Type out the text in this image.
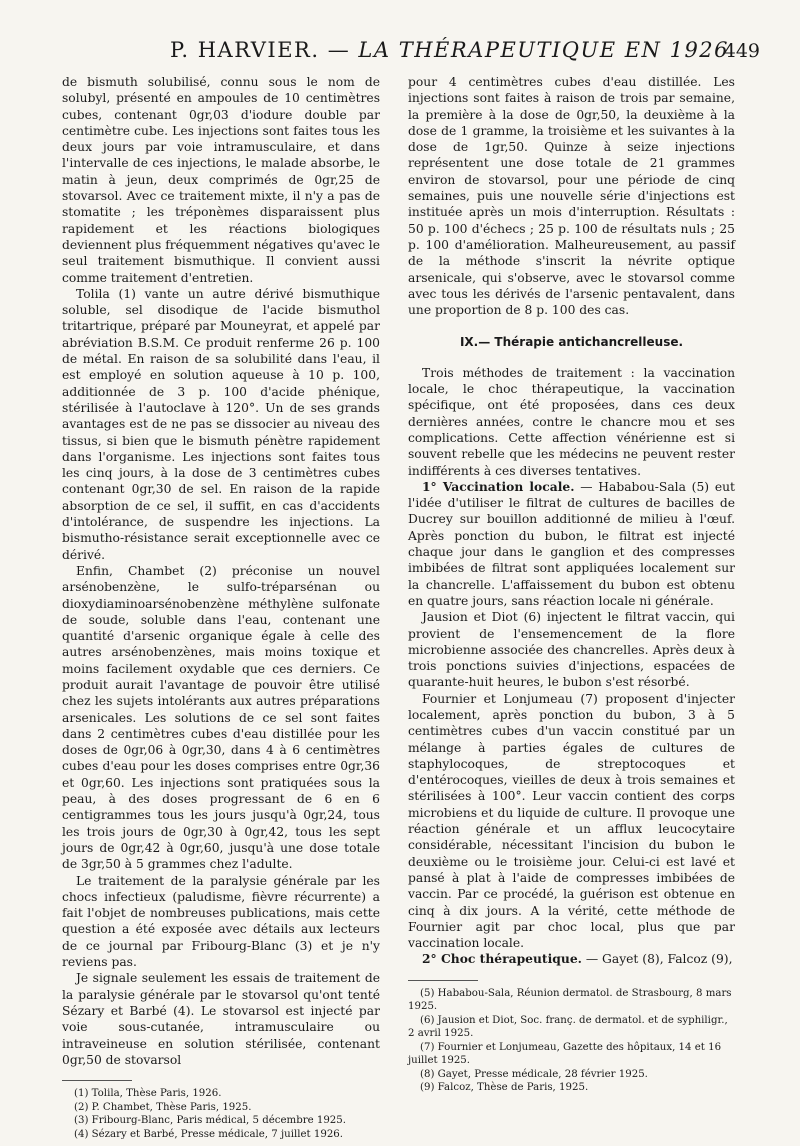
P. HARVIER. — LA THÉRAPEUTIQUE EN 1926
449

de bismuth solubilisé, connu sous le nom de solubyl, présenté en ampoules de 10 centimètres cubes, contenant 0gr,03 d'iodure double par centimètre cube. Les injections sont faites tous les deux jours par voie intramusculaire, et dans l'intervalle de ces injections, le malade absorbe, le matin à jeun, deux comprimés de 0gr,25 de stovarsol. Avec ce traitement mixte, il n'y a pas de stomatite ; les tréponèmes disparaissent plus rapidement et les réactions biologiques deviennent plus fréquemment négatives qu'avec le seul traitement bismuthique. Il convient aussi comme traitement d'entretien.

Tolila (1) vante un autre dérivé bismuthique soluble, sel disodique de l'acide bismuthol tritartrique, préparé par Mouneyrat, et appelé par abréviation B.S.M. Ce produit renferme 26 p. 100 de métal. En raison de sa solubilité dans l'eau, il est employé en solution aqueuse à 10 p. 100, additionnée de 3 p. 100 d'acide phénique, stérilisée à l'autoclave à 120°. Un de ses grands avantages est de ne pas se dissocier au niveau des tissus, si bien que le bismuth pénètre rapidement dans l'organisme. Les injections sont faites tous les cinq jours, à la dose de 3 centimètres cubes contenant 0gr,30 de sel. En raison de la rapide absorption de ce sel, il suffit, en cas d'accidents d'intolérance, de suspendre les injections. La bismutho-résistance serait exceptionnelle avec ce dérivé.

Enfin, Chambet (2) préconise un nouvel arsénobenzène, le sulfo-tréparsénan ou dioxydiaminoarsénobenzène méthylène sulfonate de soude, soluble dans l'eau, contenant une quantité d'arsenic organique égale à celle des autres arsénobenzènes, mais moins toxique et moins facilement oxydable que ces derniers. Ce produit aurait l'avantage de pouvoir être utilisé chez les sujets intolérants aux autres préparations arsenicales. Les solutions de ce sel sont faites dans 2 centimètres cubes d'eau distillée pour les doses de 0gr,06 à 0gr,30, dans 4 à 6 centimètres cubes d'eau pour les doses comprises entre 0gr,36 et 0gr,60. Les injections sont pratiquées sous la peau, à des doses progressant de 6 en 6 centigrammes tous les jours jusqu'à 0gr,24, tous les trois jours de 0gr,30 à 0gr,42, tous les sept jours de 0gr,42 à 0gr,60, jusqu'à une dose totale de 3gr,50 à 5 grammes chez l'adulte.

Le traitement de la paralysie générale par les chocs infectieux (paludisme, fièvre récurrente) a fait l'objet de nombreuses publications, mais cette question a été exposée avec détails aux lecteurs de ce journal par Fribourg-Blanc (3) et je n'y reviens pas.

Je signale seulement les essais de traitement de la paralysie générale par le stovarsol qu'ont tenté Sézary et Barbé (4). Le stovarsol est injecté par voie sous-cutanée, intramusculaire ou intraveineuse en solution stérilisée, contenant 0gr,50 de stovarsol

(1) Tolila, Thèse Paris, 1926.

(2) P. Chambet, Thèse Paris, 1925.

(3) Fribourg-Blanc, Paris médical, 5 décembre 1925.

(4) Sézary et Barbé, Presse médicale, 7 juillet 1926.

pour 4 centimètres cubes d'eau distillée. Les injections sont faites à raison de trois par semaine, la première à la dose de 0gr,50, la deuxième à la dose de 1 gramme, la troisième et les suivantes à la dose de 1gr,50. Quinze à seize injections représentent une dose totale de 21 grammes environ de stovarsol, pour une période de cinq semaines, puis une nouvelle série d'injections est instituée après un mois d'interruption. Résultats : 50 p. 100 d'échecs ; 25 p. 100 de résultats nuls ; 25 p. 100 d'amélioration. Malheureusement, au passif de la méthode s'inscrit la névrite optique arsenicale, qui s'observe, avec le stovarsol comme avec tous les dérivés de l'arsenic pentavalent, dans une proportion de 8 p. 100 des cas.

IX.— Thérapie antichancrelleuse.

Trois méthodes de traitement : la vaccination locale, le choc thérapeutique, la vaccination spécifique, ont été proposées, dans ces deux dernières années, contre le chancre mou et ses complications. Cette affection vénérienne est si souvent rebelle que les médecins ne peuvent rester indifférents à ces diverses tentatives.

1° Vaccination locale. — Hababou-Sala (5) eut l'idée d'utiliser le filtrat de cultures de bacilles de Ducrey sur bouillon additionné de milieu à l'œuf. Après ponction du bubon, le filtrat est injecté chaque jour dans le ganglion et des compresses imbibées de filtrat sont appliquées localement sur la chancrelle. L'affaissement du bubon est obtenu en quatre jours, sans réaction locale ni générale.

Jausion et Diot (6) injectent le filtrat vaccin, qui provient de l'ensemencement de la flore microbienne associée des chancrelles. Après deux à trois ponctions suivies d'injections, espacées de quarante-huit heures, le bubon s'est résorbé.

Fournier et Lonjumeau (7) proposent d'injecter localement, après ponction du bubon, 3 à 5 centimètres cubes d'un vaccin constitué par un mélange à parties égales de cultures de staphylocoques, de streptocoques et d'entérocoques, vieilles de deux à trois semaines et stérilisées à 100°. Leur vaccin contient des corps microbiens et du liquide de culture. Il provoque une réaction générale et un afflux leucocytaire considérable, nécessitant l'incision du bubon le deuxième ou le troisième jour. Celui-ci est lavé et pansé à plat à l'aide de compresses imbibées de vaccin. Par ce procédé, la guérison est obtenue en cinq à dix jours. A la vérité, cette méthode de Fournier agit par choc local, plus que par vaccination locale.

2° Choc thérapeutique. — Gayet (8), Falcoz (9),

(5) Hababou-Sala, Réunion dermatol. de Strasbourg, 8 mars 1925.

(6) Jausion et Diot, Soc. franç. de dermatol. et de syphiligr., 2 avril 1925.

(7) Fournier et Lonjumeau, Gazette des hôpitaux, 14 et 16 juillet 1925.

(8) Gayet, Presse médicale, 28 février 1925.

(9) Falcoz, Thèse de Paris, 1925.
